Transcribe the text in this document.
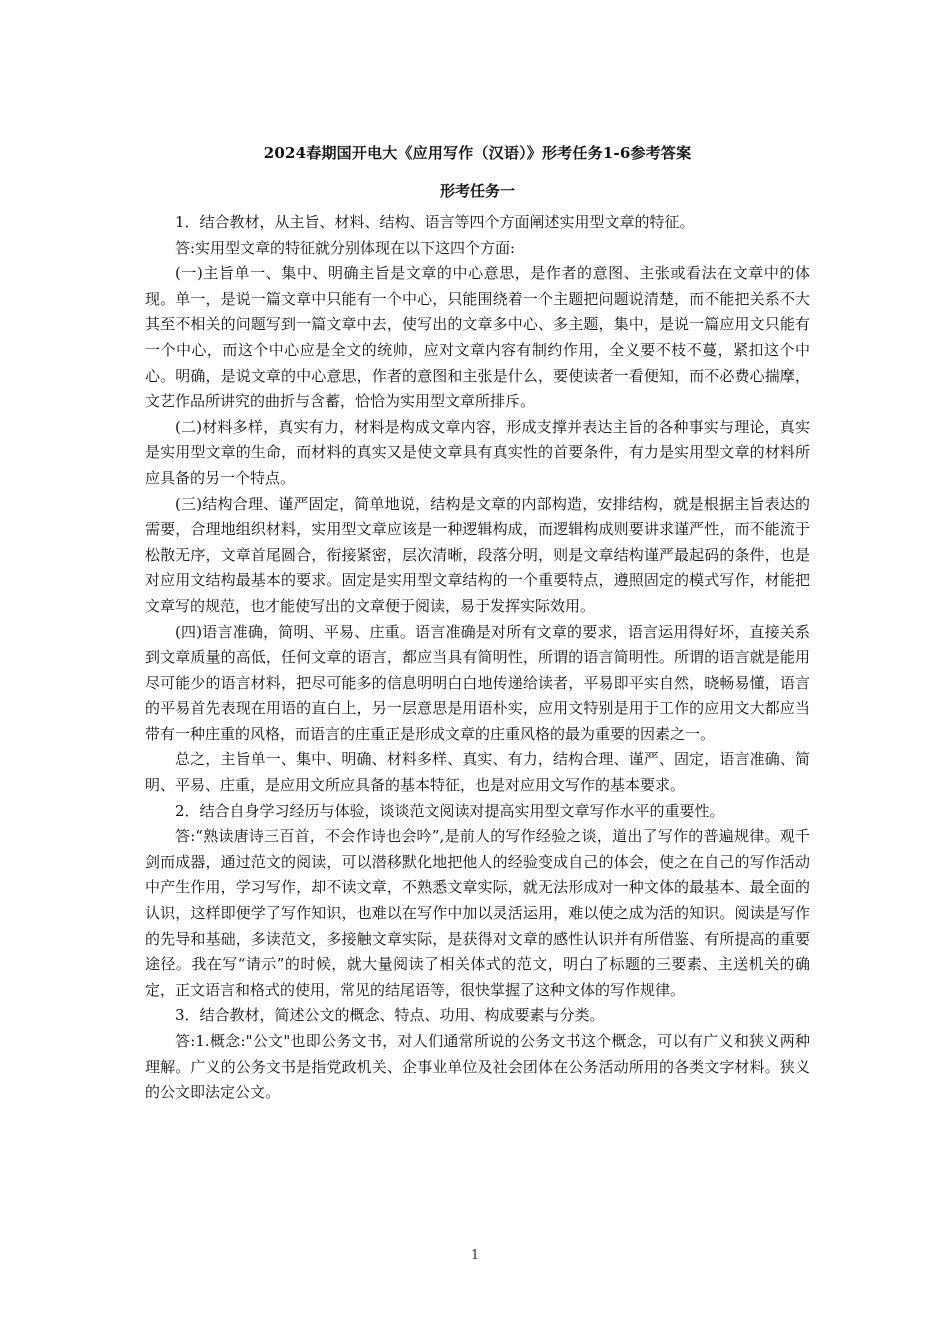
2024春期国开电大《应用写作（汉语）》形考任务1-6参考答案
形考任务一

1．结合教材，从主旨、材料、结构、语言等四个方面阐述实用型文章的特征。

答:实用型文章的特征就分别体现在以下这四个方面:

(一)主旨单一、集中、明确主旨是文章的中心意思，是作者的意图、主张或看法在文章中的体现。单一，是说一篇文章中只能有一个中心，只能围绕着一个主题把问题说清楚，而不能把关系不大其至不相关的问题写到一篇文章中去，使写出的文章多中心、多主题，集中，是说一篇应用文只能有一个中心，而这个中心应是全文的统帅，应对文章内容有制约作用，全义要不枝不蔓，紧扣这个中心。明确，是说文章的中心意思，作者的意图和主张是什么，要使读者一看便知，而不必费心揣摩，文艺作品所讲究的曲折与含蓄，恰恰为实用型文章所排斥。

(二)材料多样，真实有力，材料是构成文章内容，形成支撑并表达主旨的各种事实与理论，真实是实用型文章的生命，而材料的真实又是使文章具有真实性的首要条件，有力是实用型文章的材料所应具备的另一个特点。

(三)结构合理、谨严固定，简单地说，结构是文章的内部构造，安排结构，就是根据主旨表达的需要，合理地组织材料，实用型文章应该是一种逻辑构成，而逻辑构成则要讲求谨严性，而不能流于松散无序，文章首尾圆合，衔接紧密，层次清晰，段落分明，则是文章结构谨严最起码的条件，也是对应用文结构最基本的要求。固定是实用型文章结构的一个重要特点，遵照固定的模式写作，材能把文章写的规范，也才能使写出的文章便于阅读，易于发挥实际效用。

(四)语言准确，简明、平易、庄重。语言准确是对所有文章的要求，语言运用得好坏，直接关系到文章质量的高低，任何文章的语言，都应当具有简明性，所谓的语言简明性。所谓的语言就是能用尽可能少的语言材料，把尽可能多的信息明明白白地传递给读者，平易即平实自然，晓畅易懂，语言的平易首先表现在用语的直白上，另一层意思是用语朴实，应用文特别是用于工作的应用文大都应当带有一种庄重的风格，而语言的庄重正是形成文章的庄重风格的最为重要的因素之一。

总之，主旨单一、集中、明确、材料多样、真实、有力，结构合理、谨严、固定，语言准确、简明、平易、庄重，是应用文所应具备的基本特征，也是对应用文写作的基本要求。

2．结合自身学习经历与体验，谈谈范文阅读对提高实用型文章写作水平的重要性。

答:“熟读唐诗三百首，不会作诗也会吟”,是前人的写作经验之谈，道出了写作的普遍规律。观千剑而成器，通过范文的阅读，可以潜移默化地把他人的经验变成自己的体会，使之在自己的写作活动中产生作用，学习写作，却不读文章，不熟悉文章实际，就无法形成对一种文体的最基本、最全面的认识，这样即便学了写作知识，也难以在写作中加以灵活运用，难以使之成为活的知识。阅读是写作的先导和基础，多读范文，多接触文章实际，是获得对文章的感性认识并有所借鉴、有所提高的重要途径。我在写“请示”的时候，就大量阅读了相关体式的范文，明白了标题的三要素、主送机关的确定，正文语言和格式的使用，常见的结尾语等，很快掌握了这种文体的写作规律。

3．结合教材，简述公文的概念、特点、功用、构成要素与分类。

答:1.概念:"公文"也即公务文书，对人们通常所说的公务文书这个概念，可以有广义和狭义两种理解。广义的公务文书是指党政机关、企事业单位及社会团体在公务活动所用的各类文字材料。狭义的公文即法定公文。

1
